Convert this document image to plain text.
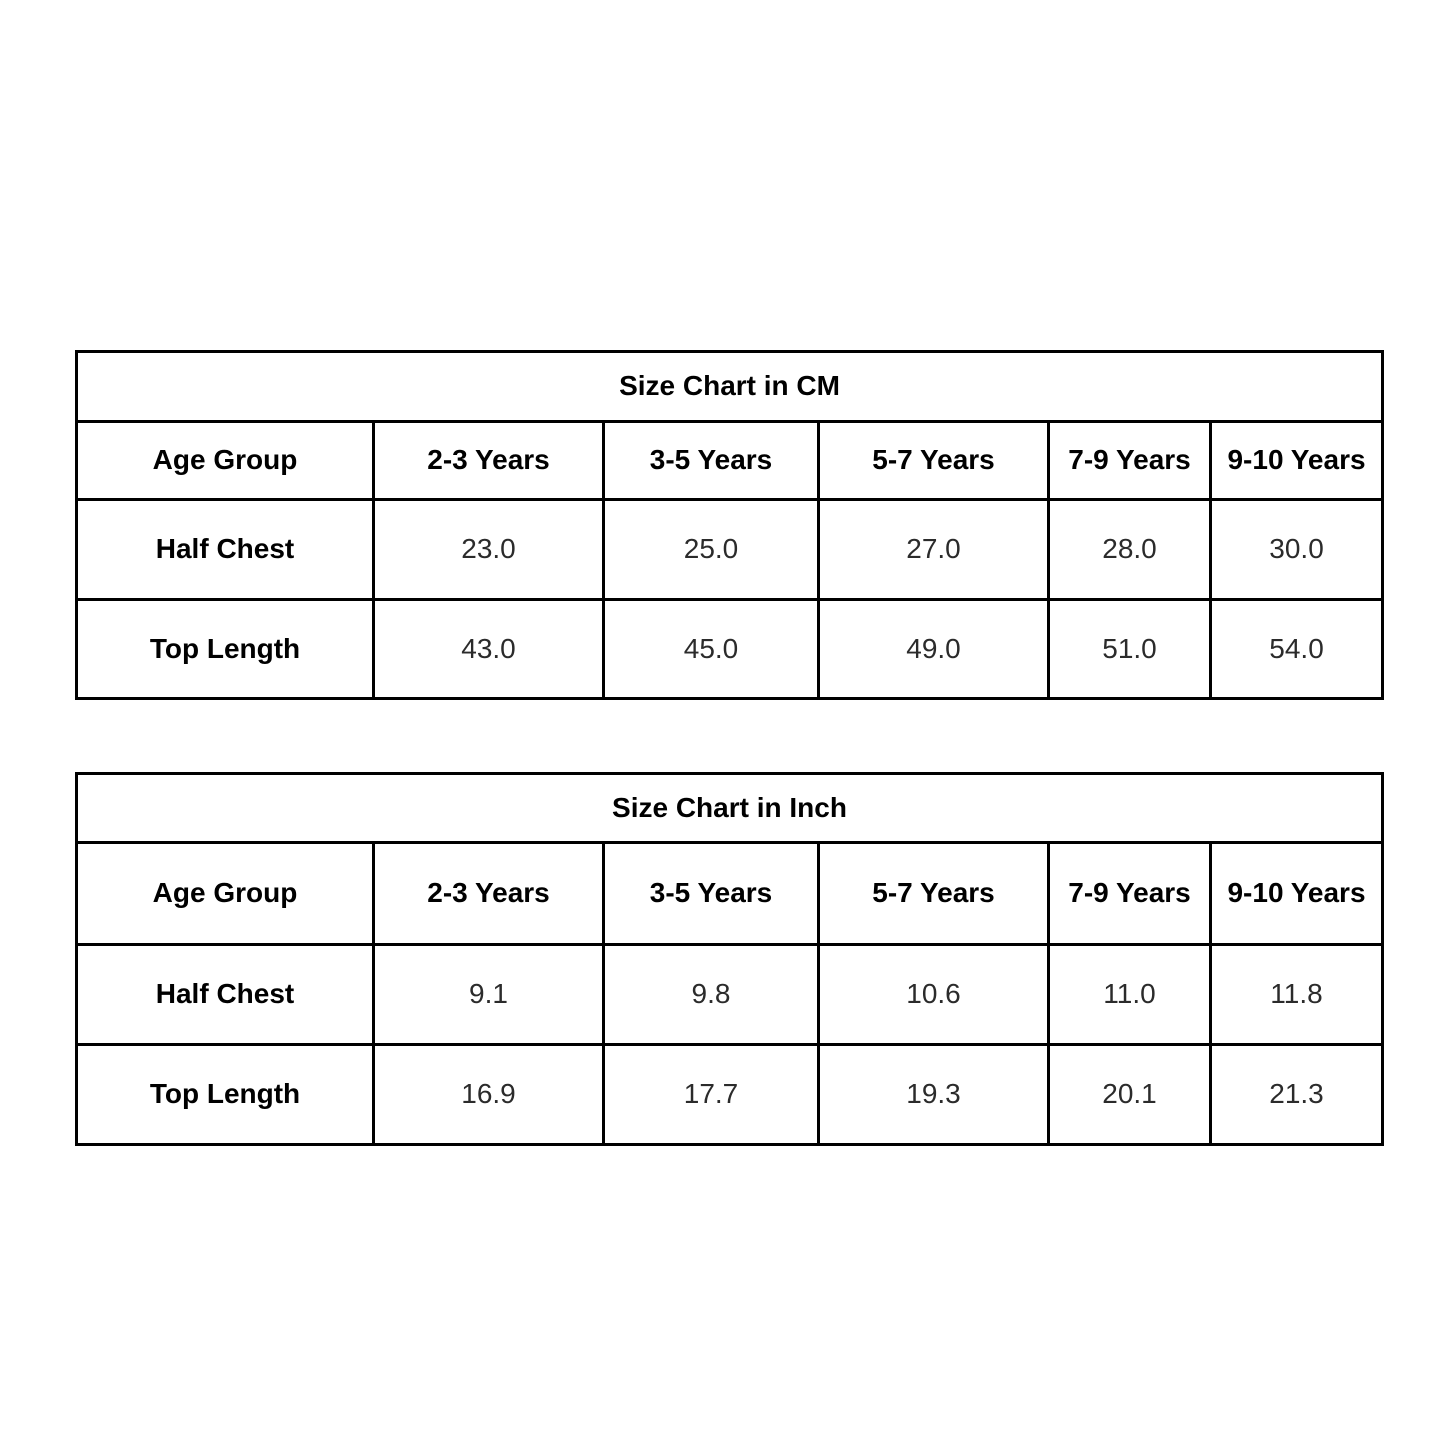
Size Chart in CM					
Age Group	2-3 Years	3-5 Years	5-7 Years	7-9 Years	9-10 Years
Half Chest	23.0	25.0	27.0	28.0	30.0
Top Length	43.0	45.0	49.0	51.0	54.0
Size Chart in Inch					
Age Group	2-3 Years	3-5 Years	5-7 Years	7-9 Years	9-10 Years
Half Chest	9.1	9.8	10.6	11.0	11.8
Top Length	16.9	17.7	19.3	20.1	21.3
